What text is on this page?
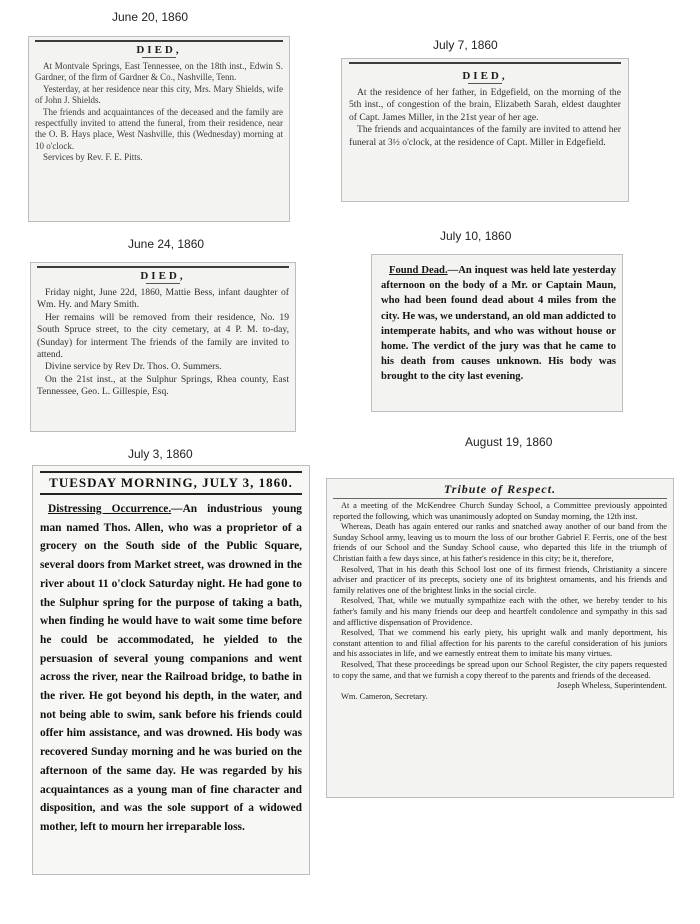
June 20, 1860
July 7, 1860
June 24, 1860
July 10, 1860
July 3, 1860
August 19, 1860
DIED,

At Montvale Springs, East Tennessee, on the 18th inst., Edwin S. Gardner, of the firm of Gardner & Co., Nashville, Tenn.

Yesterday, at her residence near this city, Mrs. Mary Shields, wife of John J. Shields.

The friends and acquaintances of the deceased and the family are respectfully invited to attend the funeral, from their residence, near the O. B. Hays place, West Nashville, this (Wednesday) morning at 10 o'clock.

Services by Rev. F. E. Pitts.

DIED,

At the residence of her father, in Edgefield, on the morning of the 5th inst., of congestion of the brain, Elizabeth Sarah, eldest daughter of Capt. James Miller, in the 21st year of her age.

The friends and acquaintances of the family are invited to attend her funeral at 3½ o'clock, at the residence of Capt. Miller in Edgefield.

DIED,

Friday night, June 22d, 1860, Mattie Bess, infant daughter of Wm. Hy. and Mary Smith.

Her remains will be removed from their residence, No. 19 South Spruce street, to the city cemetary, at 4 P. M. to-day, (Sunday) for interment The friends of the family are invited to attend.

Divine service by Rev Dr. Thos. O. Summers.

On the 21st inst., at the Sulphur Springs, Rhea county, East Tennessee, Geo. L. Gillespie, Esq.

Found Dead.—An inquest was held late yesterday afternoon on the body of a Mr. or Captain Maun, who had been found dead about 4 miles from the city. He was, we understand, an old man addicted to intemperate habits, and who was without house or home. The verdict of the jury was that he came to his death from causes unknown. His body was brought to the city last evening.

TUESDAY MORNING, JULY 3, 1860.

Distressing Occurrence.—An industrious young man named Thos. Allen, who was a proprietor of a grocery on the South side of the Public Square, several doors from Market street, was drowned in the river about 11 o'clock Saturday night. He had gone to the Sulphur spring for the purpose of taking a bath, when finding he would have to wait some time before he could be accommodated, he yielded to the persuasion of several young companions and went across the river, near the Railroad bridge, to bathe in the river. He got beyond his depth, in the water, and not being able to swim, sank before his friends could offer him assistance, and was drowned. His body was recovered Sunday morning and he was buried on the afternoon of the same day. He was regarded by his acquaintances as a young man of fine character and disposition, and was the sole support of a widowed mother, left to mourn her irreparable loss.

Tribute of Respect.

At a meeting of the McKendree Church Sunday School, a Committee previously appointed reported the following, which was unanimously adopted on Sunday morning, the 12th inst.

Whereas, Death has again entered our ranks and snatched away another of our band from the Sunday School army, leaving us to mourn the loss of our brother Gabriel F. Ferris, one of the best friends of our School and the Sunday School cause, who departed this life in the triumph of Christian faith a few days since, at his father's residence in this city; be it, therefore,

Resolved, That in his death this School lost one of its firmest friends, Christianity a sincere adviser and practicer of its precepts, society one of its brightest ornaments, and his friends and family relatives one of the brightest links in the social circle.

Resolved, That, while we mutually sympathize each with the other, we hereby tender to his father's family and his many friends our deep and heartfelt condolence and sympathy in this sad and afflictive dispensation of Providence.

Resolved, That we commend his early piety, his upright walk and manly deportment, his constant attention to and filial affection for his parents to the careful consideration of his juniors and his associates in life, and we earnestly entreat them to imitate his many virtues.

Resolved, That these proceedings be spread upon our School Register, the city papers requested to copy the same, and that we furnish a copy thereof to the parents and friends of the deceased.

Joseph Wheless, Superintendent.

Wm. Cameron, Secretary.
